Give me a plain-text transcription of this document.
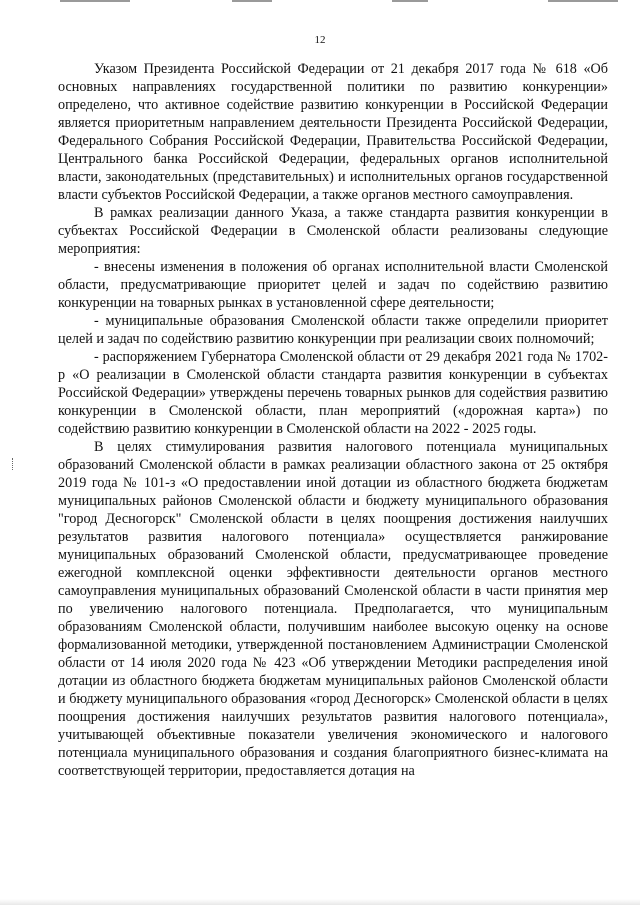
12

Указом Президента Российской Федерации от 21 декабря 2017 года № 618 «Об основных направлениях государственной политики по развитию конкуренции» определено, что активное содействие развитию конкуренции в Российской Федерации является приоритетным направлением деятельности Президента Российской Федерации, Федерального Собрания Российской Федерации, Правительства Российской Федерации, Центрального банка Российской Федерации, федеральных органов исполнительной власти, законодательных (представительных) и исполнительных органов государственной власти субъектов Российской Федерации, а также органов местного самоуправления.

В рамках реализации данного Указа, а также стандарта развития конкуренции в субъектах Российской Федерации в Смоленской области реализованы следующие мероприятия:

- внесены изменения в положения об органах исполнительной власти Смоленской области, предусматривающие приоритет целей и задач по содействию развитию конкуренции на товарных рынках в установленной сфере деятельности;

- муниципальные образования Смоленской области также определили приоритет целей и задач по содействию развитию конкуренции при реализации своих полномочий;

- распоряжением Губернатора Смоленской области от 29 декабря 2021 года № 1702-р «О реализации в Смоленской области стандарта развития конкуренции в субъектах Российской Федерации» утверждены перечень товарных рынков для содействия развитию конкуренции в Смоленской области, план мероприятий («дорожная карта») по содействию развитию конкуренции в Смоленской области на 2022 - 2025 годы.

В целях стимулирования развития налогового потенциала муниципальных образований Смоленской области в рамках реализации областного закона от 25 октября 2019 года № 101-з «О предоставлении иной дотации из областного бюджета бюджетам муниципальных районов Смоленской области и бюджету муниципального образования "город Десногорск" Смоленской области в целях поощрения достижения наилучших результатов развития налогового потенциала» осуществляется ранжирование муниципальных образований Смоленской области, предусматривающее проведение ежегодной комплексной оценки эффективности деятельности органов местного самоуправления муниципальных образований Смоленской области в части принятия мер по увеличению налогового потенциала. Предполагается, что муниципальным образованиям Смоленской области, получившим наиболее высокую оценку на основе формализованной методики, утвержденной постановлением Администрации Смоленской области от 14 июля 2020 года № 423 «Об утверждении Методики распределения иной дотации из областного бюджета бюджетам муниципальных районов Смоленской области и бюджету муниципального образования «город Десногорск» Смоленской области в целях поощрения достижения наилучших результатов развития налогового потенциала», учитывающей объективные показатели увеличения экономического и налогового потенциала муниципального образования и создания благоприятного бизнес-климата на соответствующей территории, предоставляется дотация на
